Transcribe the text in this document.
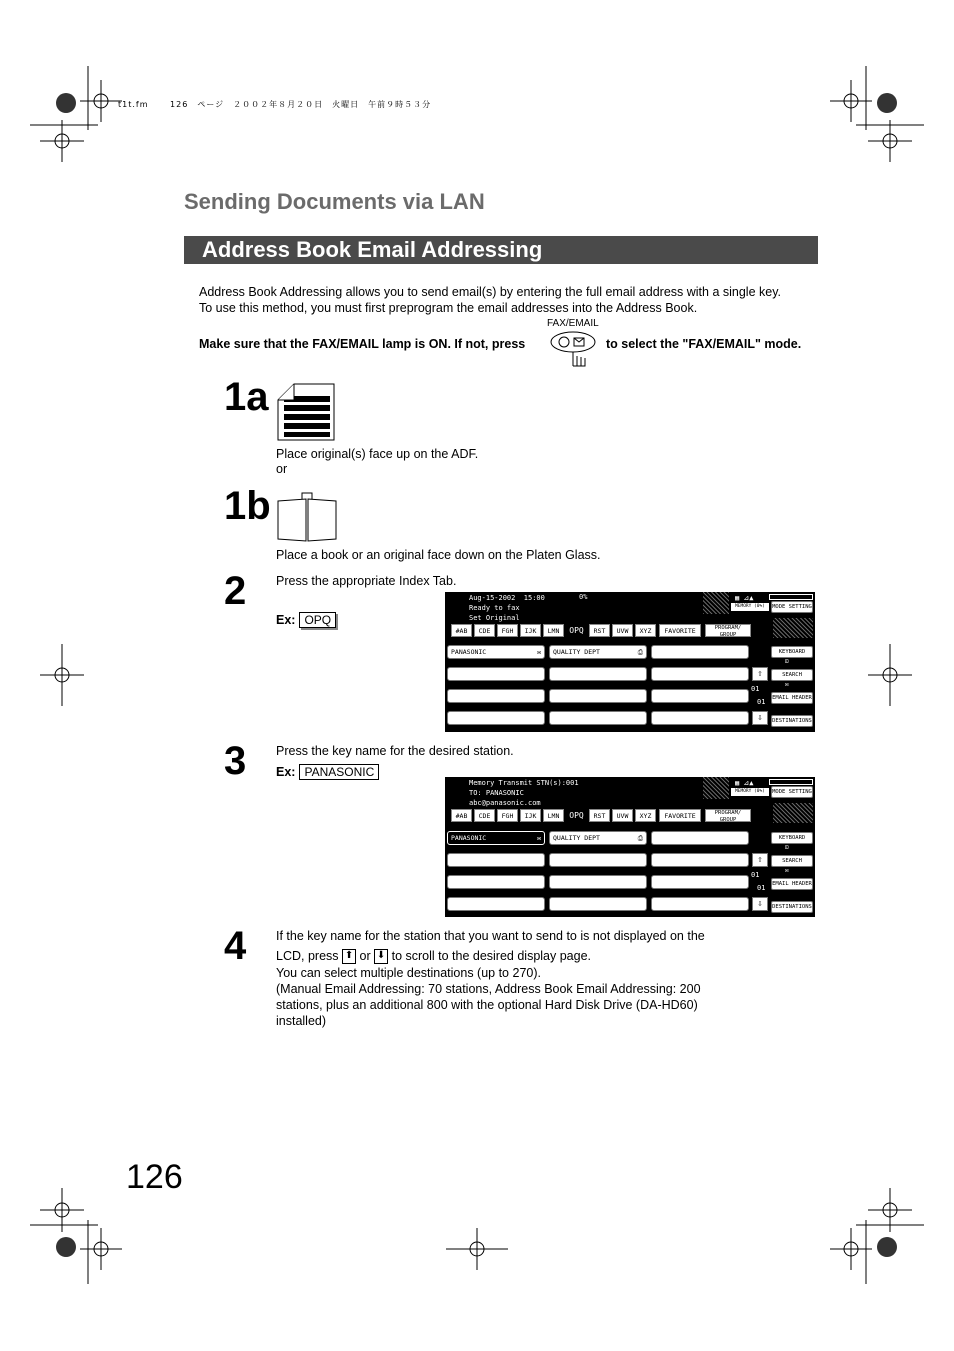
t1t.fm 　　126　ページ　２００２年８月２０日　火曜日　午前９時５３分
Sending Documents via LAN
Address Book Email Addressing
Address Book Addressing allows you to send email(s) by entering the full email address with a single key.
To use this method, you must first preprogram the email addresses into the Address Book.
Make sure that the FAX/EMAIL lamp is ON. If not, press
FAX/EMAIL
to select the "FAX/EMAIL" mode.
1a
Place original(s) face up on the ADF.
or
1b
Place a book or an original face down on the Platen Glass.
2 Press the appropriate Index Tab.
Ex: OPQ
Aug-15-2002  15:00
Ready to fax
Set Original
0%	▦ ⊿▲
MEMORY (0%)	MODE SETTING
#AB	CDE	FGH	IJK	LMN	OPQ	RST	UVW	XYZ	FAVORITE	PROGRAM/ GROUP
PANASONIC	✉	QUALITY DEPT	⎙
⇧
01
01
⇩
KEYBOARD
⊡
SEARCH
✉
EMAIL HEADER
DESTINATIONS
3 Press the key name for the desired station.
Ex: PANASONIC
Memory Transmit STN(s):001
TO: PANASONIC
abc@panasonic.com
▦ ⊿▲
MEMORY (0%)	MODE SETTING
#AB	CDE	FGH	IJK	LMN	OPQ	RST	UVW	XYZ	FAVORITE	PROGRAM/ GROUP
PANASONIC	✉	QUALITY DEPT	⎙
⇧
01
01
⇩
KEYBOARD
⊡
SEARCH
✉
EMAIL HEADER
DESTINATIONS
4 If the key name for the station that you want to send to is not displayed on the
LCD, press ⬆ or ⬇ to scroll to the desired display page.
You can select multiple destinations (up to 270).
(Manual Email Addressing: 70 stations, Address Book Email Addressing: 200
stations, plus an additional 800 with the optional Hard Disk Drive (DA-HD60)
installed)
126
